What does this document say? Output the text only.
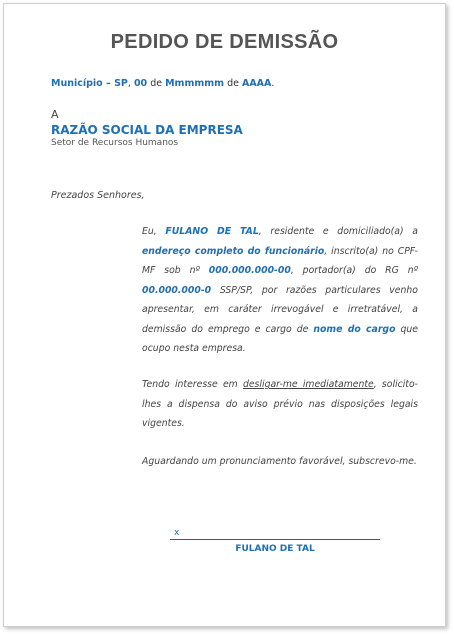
PEDIDO DE DEMISSÃO
Município – SP, 00 de Mmmmmm de AAAA.
A
RAZÃO SOCIAL DA EMPRESA
Setor de Recursos Humanos
Prezados Senhores,
Eu, FULANO DE TAL, residente e domiciliado(a) a endereço completo do funcionário, inscrito(a) no CPF-MF sob nº 000.000.000-00, portador(a) do RG nº 00.000.000-0 SSP/SP, por razões particulares venho apresentar, em caráter irrevogável e irretratável, a demissão do emprego e cargo de nome do cargo que ocupo nesta empresa.
Tendo interesse em desligar-me imediatamente, solicito-lhes a dispensa do aviso prévio nas disposições legais vigentes.
Aguardando um pronunciamento favorável, subscrevo-me.
x
FULANO DE TAL
